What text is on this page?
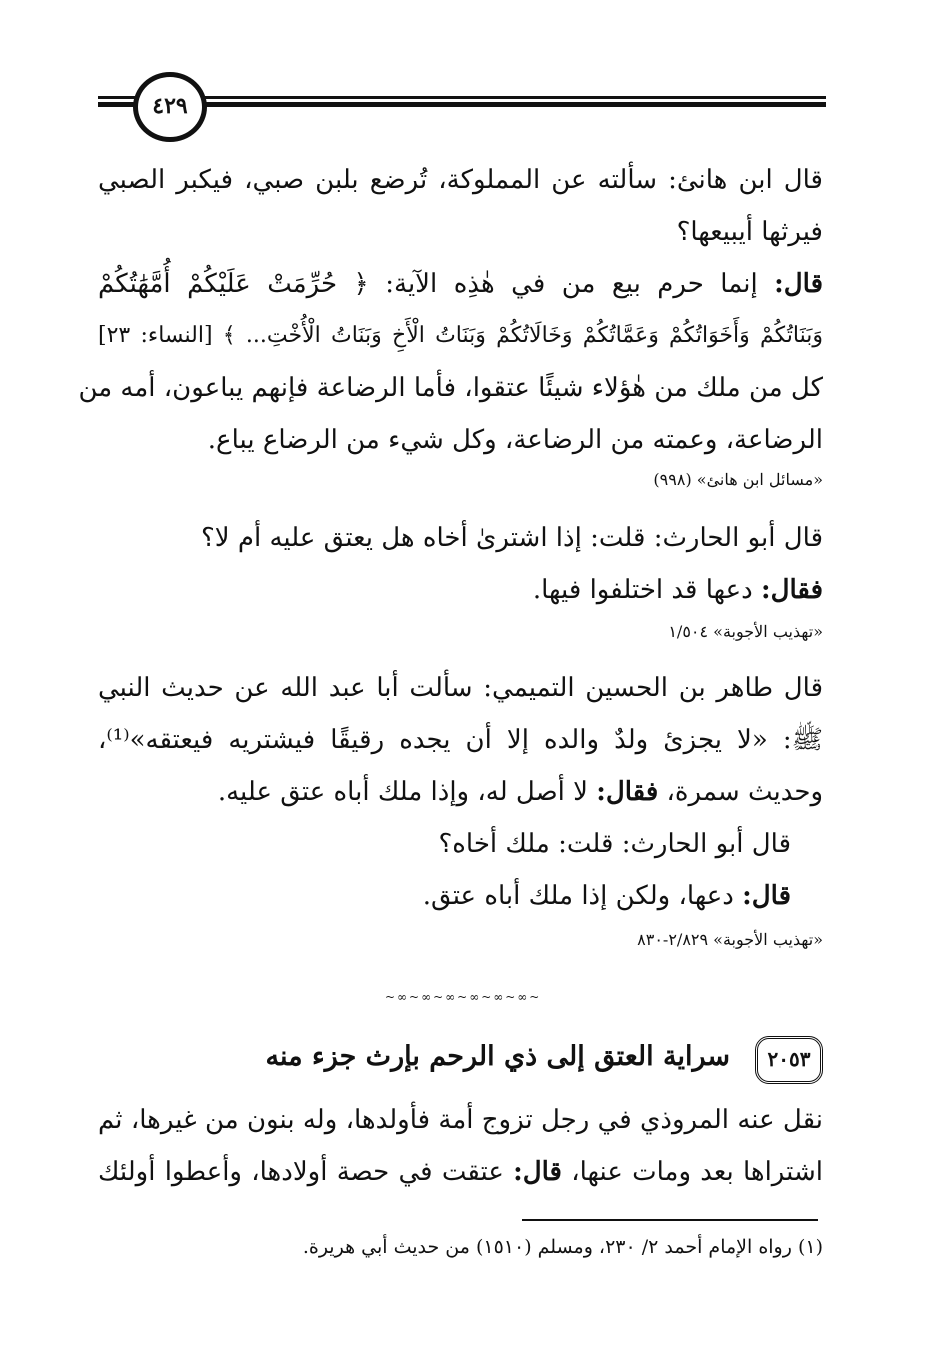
٤٢٩
قال ابن هانئ: سألته عن المملوكة، تُرضع بلبن صبي، فيكبر الصبي
فيرثها أيبيعها؟
قال: إنما حرم بيع من في هٰذِه الآية: ﴿ حُرِّمَتْ عَلَيْكُمْ أُمَّهَٰتُكُمْ
وَبَنَاتُكُمْ وَأَخَوَاتُكُمْ وَعَمَّاتُكُمْ وَخَالَاتُكُمْ وَبَنَاتُ الْأَخِ وَبَنَاتُ الْأُخْتِ... ﴾ [النساء: ٢٣]
كل من ملك من هٰؤلاء شيئًا عتقوا، فأما الرضاعة فإنهم يباعون، أمه من
الرضاعة، وعمته من الرضاعة، وكل شيء من الرضاع يباع.
«مسائل ابن هانئ» (٩٩٨)
قال أبو الحارث: قلت: إذا اشترىٰ أخاه هل يعتق عليه أم لا؟
فقال: دعها قد اختلفوا فيها.
«تهذيب الأجوبة» ١/٥٠٤
قال طاهر بن الحسين التميمي: سألت أبا عبد الله عن حديث النبي
ﷺ: «لا يجزئ ولدٌ والده إلا أن يجده رقيقًا فيشتريه فيعتقه»⁽¹⁾،
وحديث سمرة، فقال: لا أصل له، وإذا ملك أباه عتق عليه.
قال أبو الحارث: قلت: ملك أخاه؟
قال: دعها، ولكن إذا ملك أباه عتق.
«تهذيب الأجوبة» ٢/٨٢٩-٨٣٠
~∞~∞~∞~∞~∞~∞~
٢٠٥٣
سراية العتق إلى ذي الرحم بإرث جزء منه
نقل عنه المروذي في رجل تزوج أمة فأولدها، وله بنون من غيرها، ثم
اشتراها بعد ومات عنها، قال: عتقت في حصة أولادها، وأعطوا أولئك
(١) رواه الإمام أحمد ٢/ ٢٣٠، ومسلم (١٥١٠) من حديث أبي هريرة.
